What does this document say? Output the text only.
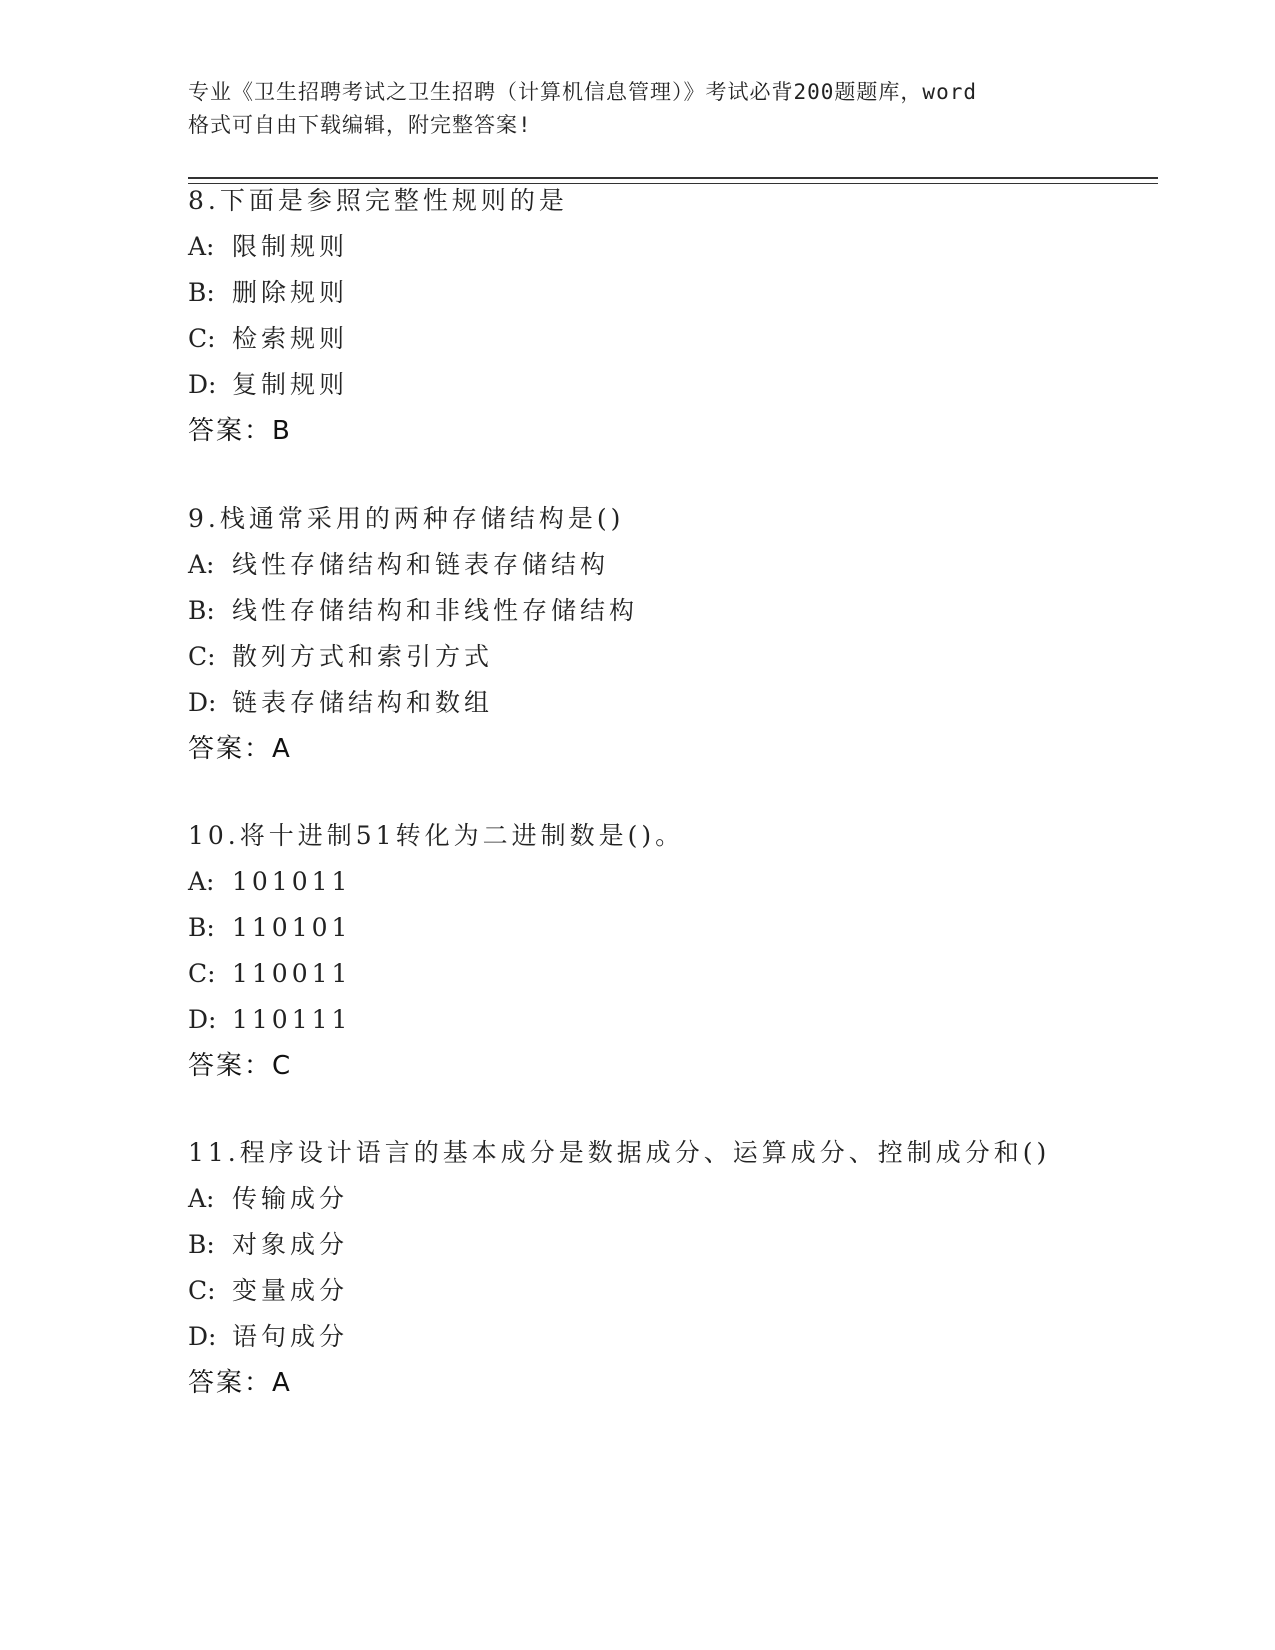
专业《卫生招聘考试之卫生招聘（计算机信息管理）》考试必背200题题库，word
格式可自由下载编辑，附完整答案!
8.下面是参照完整性规则的是
A: 限制规则
B: 删除规则
C: 检索规则
D: 复制规则
答案：B
9.栈通常采用的两种存储结构是()
A: 线性存储结构和链表存储结构
B: 线性存储结构和非线性存储结构
C: 散列方式和索引方式
D: 链表存储结构和数组
答案：A
10.将十进制51转化为二进制数是()。
A: 101011
B: 110101
C: 110011
D: 110111
答案：C
11.程序设计语言的基本成分是数据成分、运算成分、控制成分和()
A: 传输成分
B: 对象成分
C: 变量成分
D: 语句成分
答案：A
